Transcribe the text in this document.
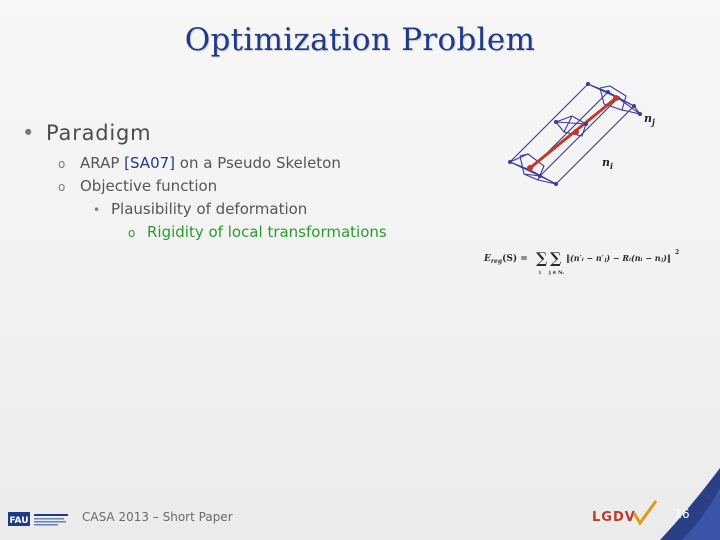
Optimization Problem
• Paradigm
o ARAP [SA07] on a Pseudo Skeleton
o Objective function
• Plausibility of deformation
o Rigidity of local transformations
$n_j$
$n_i$
$E_{reg}(S)$ = ∑ ∑
i j ∈ Nᵢ
‖(n′ᵢ − n′ⱼ) − Rᵢ(nᵢ − nⱼ)‖
2
FAU	CASA 2013 – Short Paper	LGDV	16
